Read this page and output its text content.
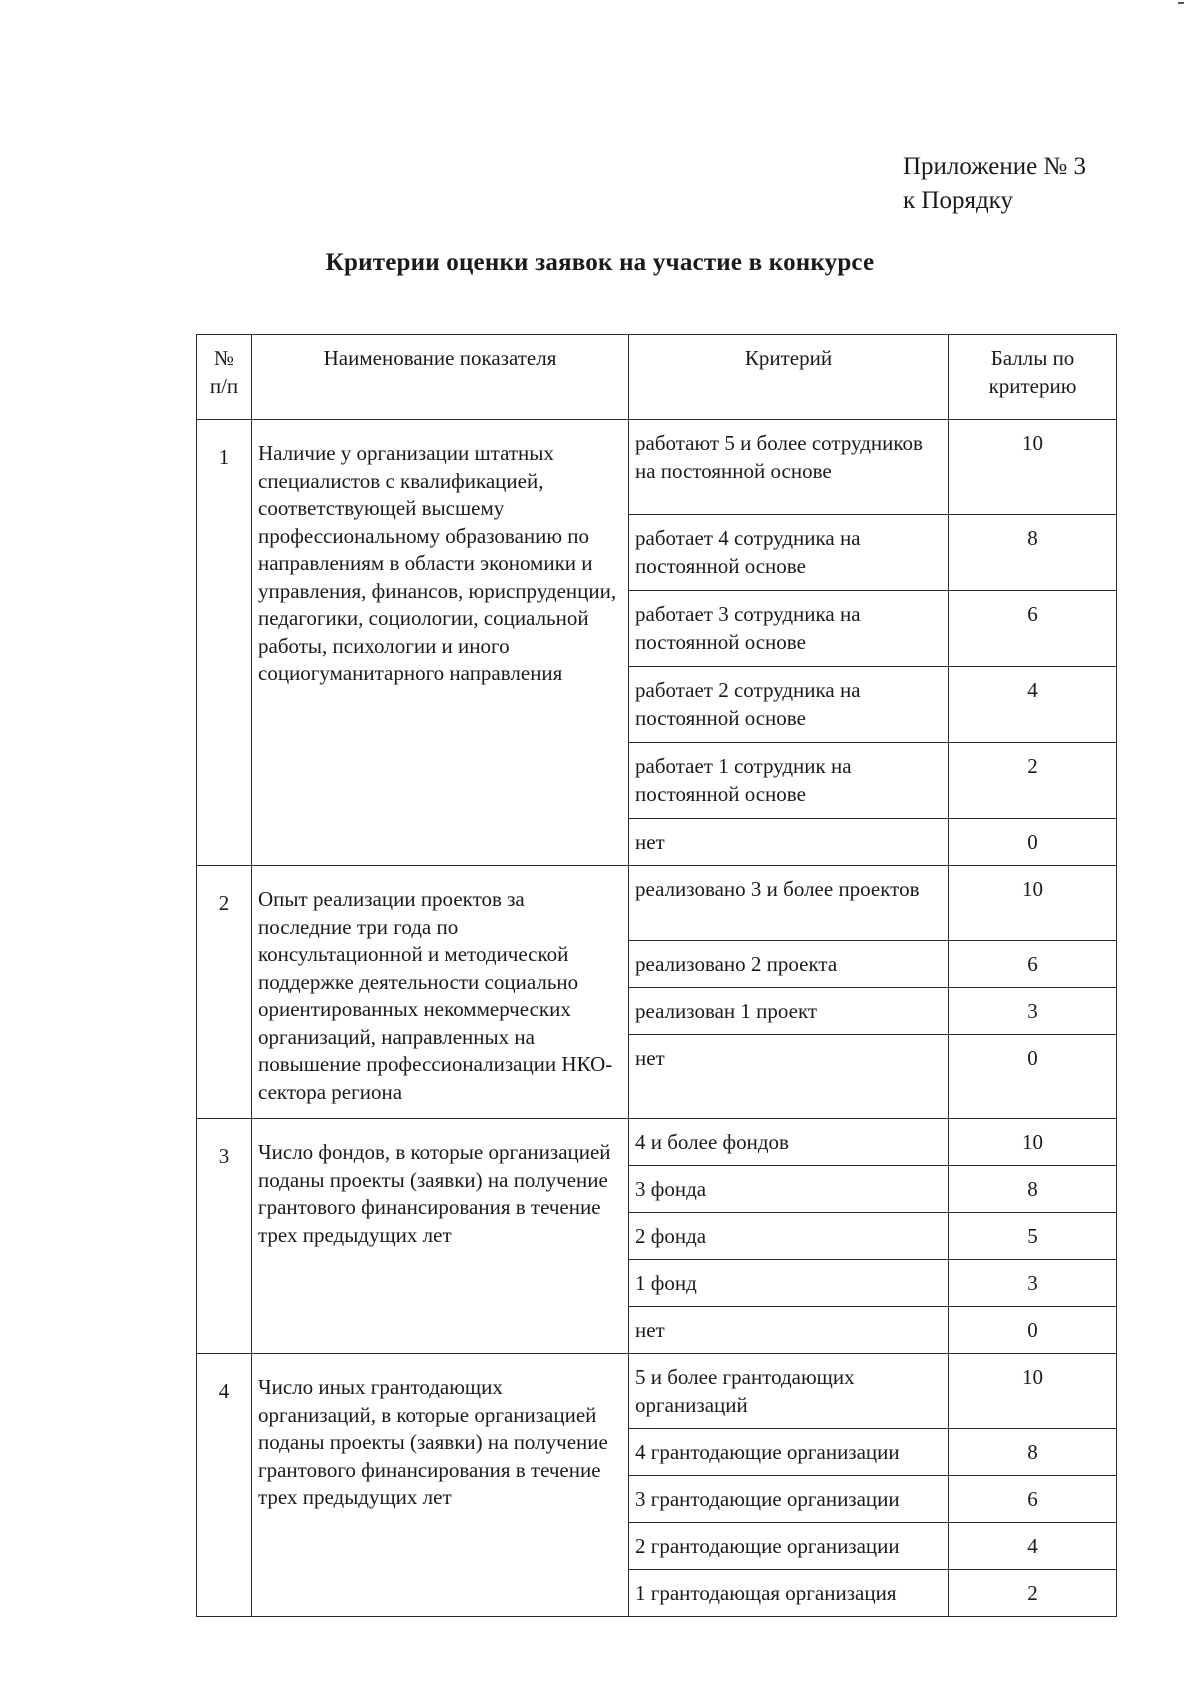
Приложение № 3
к Порядку
Критерии оценки заявок на участие в конкурсе
№ п/п	Наименование показателя	Критерий	Баллы по критерию
1	Наличие у организации штатных специалистов с квалификацией, соответствующей высшему профессиональному образованию по направлениям в области экономики и управления, финансов, юриспруденции, педагогики, социологии, социальной работы, психологии и иного социогуманитарного направления	работают 5 и более сотрудников на постоянной основе	10
		работает 4 сотрудника на постоянной основе	8
		работает 3 сотрудника на постоянной основе	6
		работает 2 сотрудника на постоянной основе	4
		работает 1 сотрудник на постоянной основе	2
		нет	0
2	Опыт реализации проектов за последние три года по консультационной и методической поддержке деятельности социально ориентированных некоммерческих организаций, направленных на повышение профессионализации НКО-сектора региона	реализовано 3 и более проектов	10
		реализовано 2 проекта	6
		реализован 1 проект	3
		нет	0
3	Число фондов, в которые организацией поданы проекты (заявки) на получение грантового финансирования в течение трех предыдущих лет	4 и более фондов	10
		3 фонда	8
		2 фонда	5
		1 фонд	3
		нет	0
4	Число иных грантодающих организаций, в которые организацией поданы проекты (заявки) на получение грантового финансирования в течение трех предыдущих лет	5 и более грантодающих организаций	10
		4 грантодающие организации	8
		3 грантодающие организации	6
		2 грантодающие организации	4
		1 грантодающая организация	2
